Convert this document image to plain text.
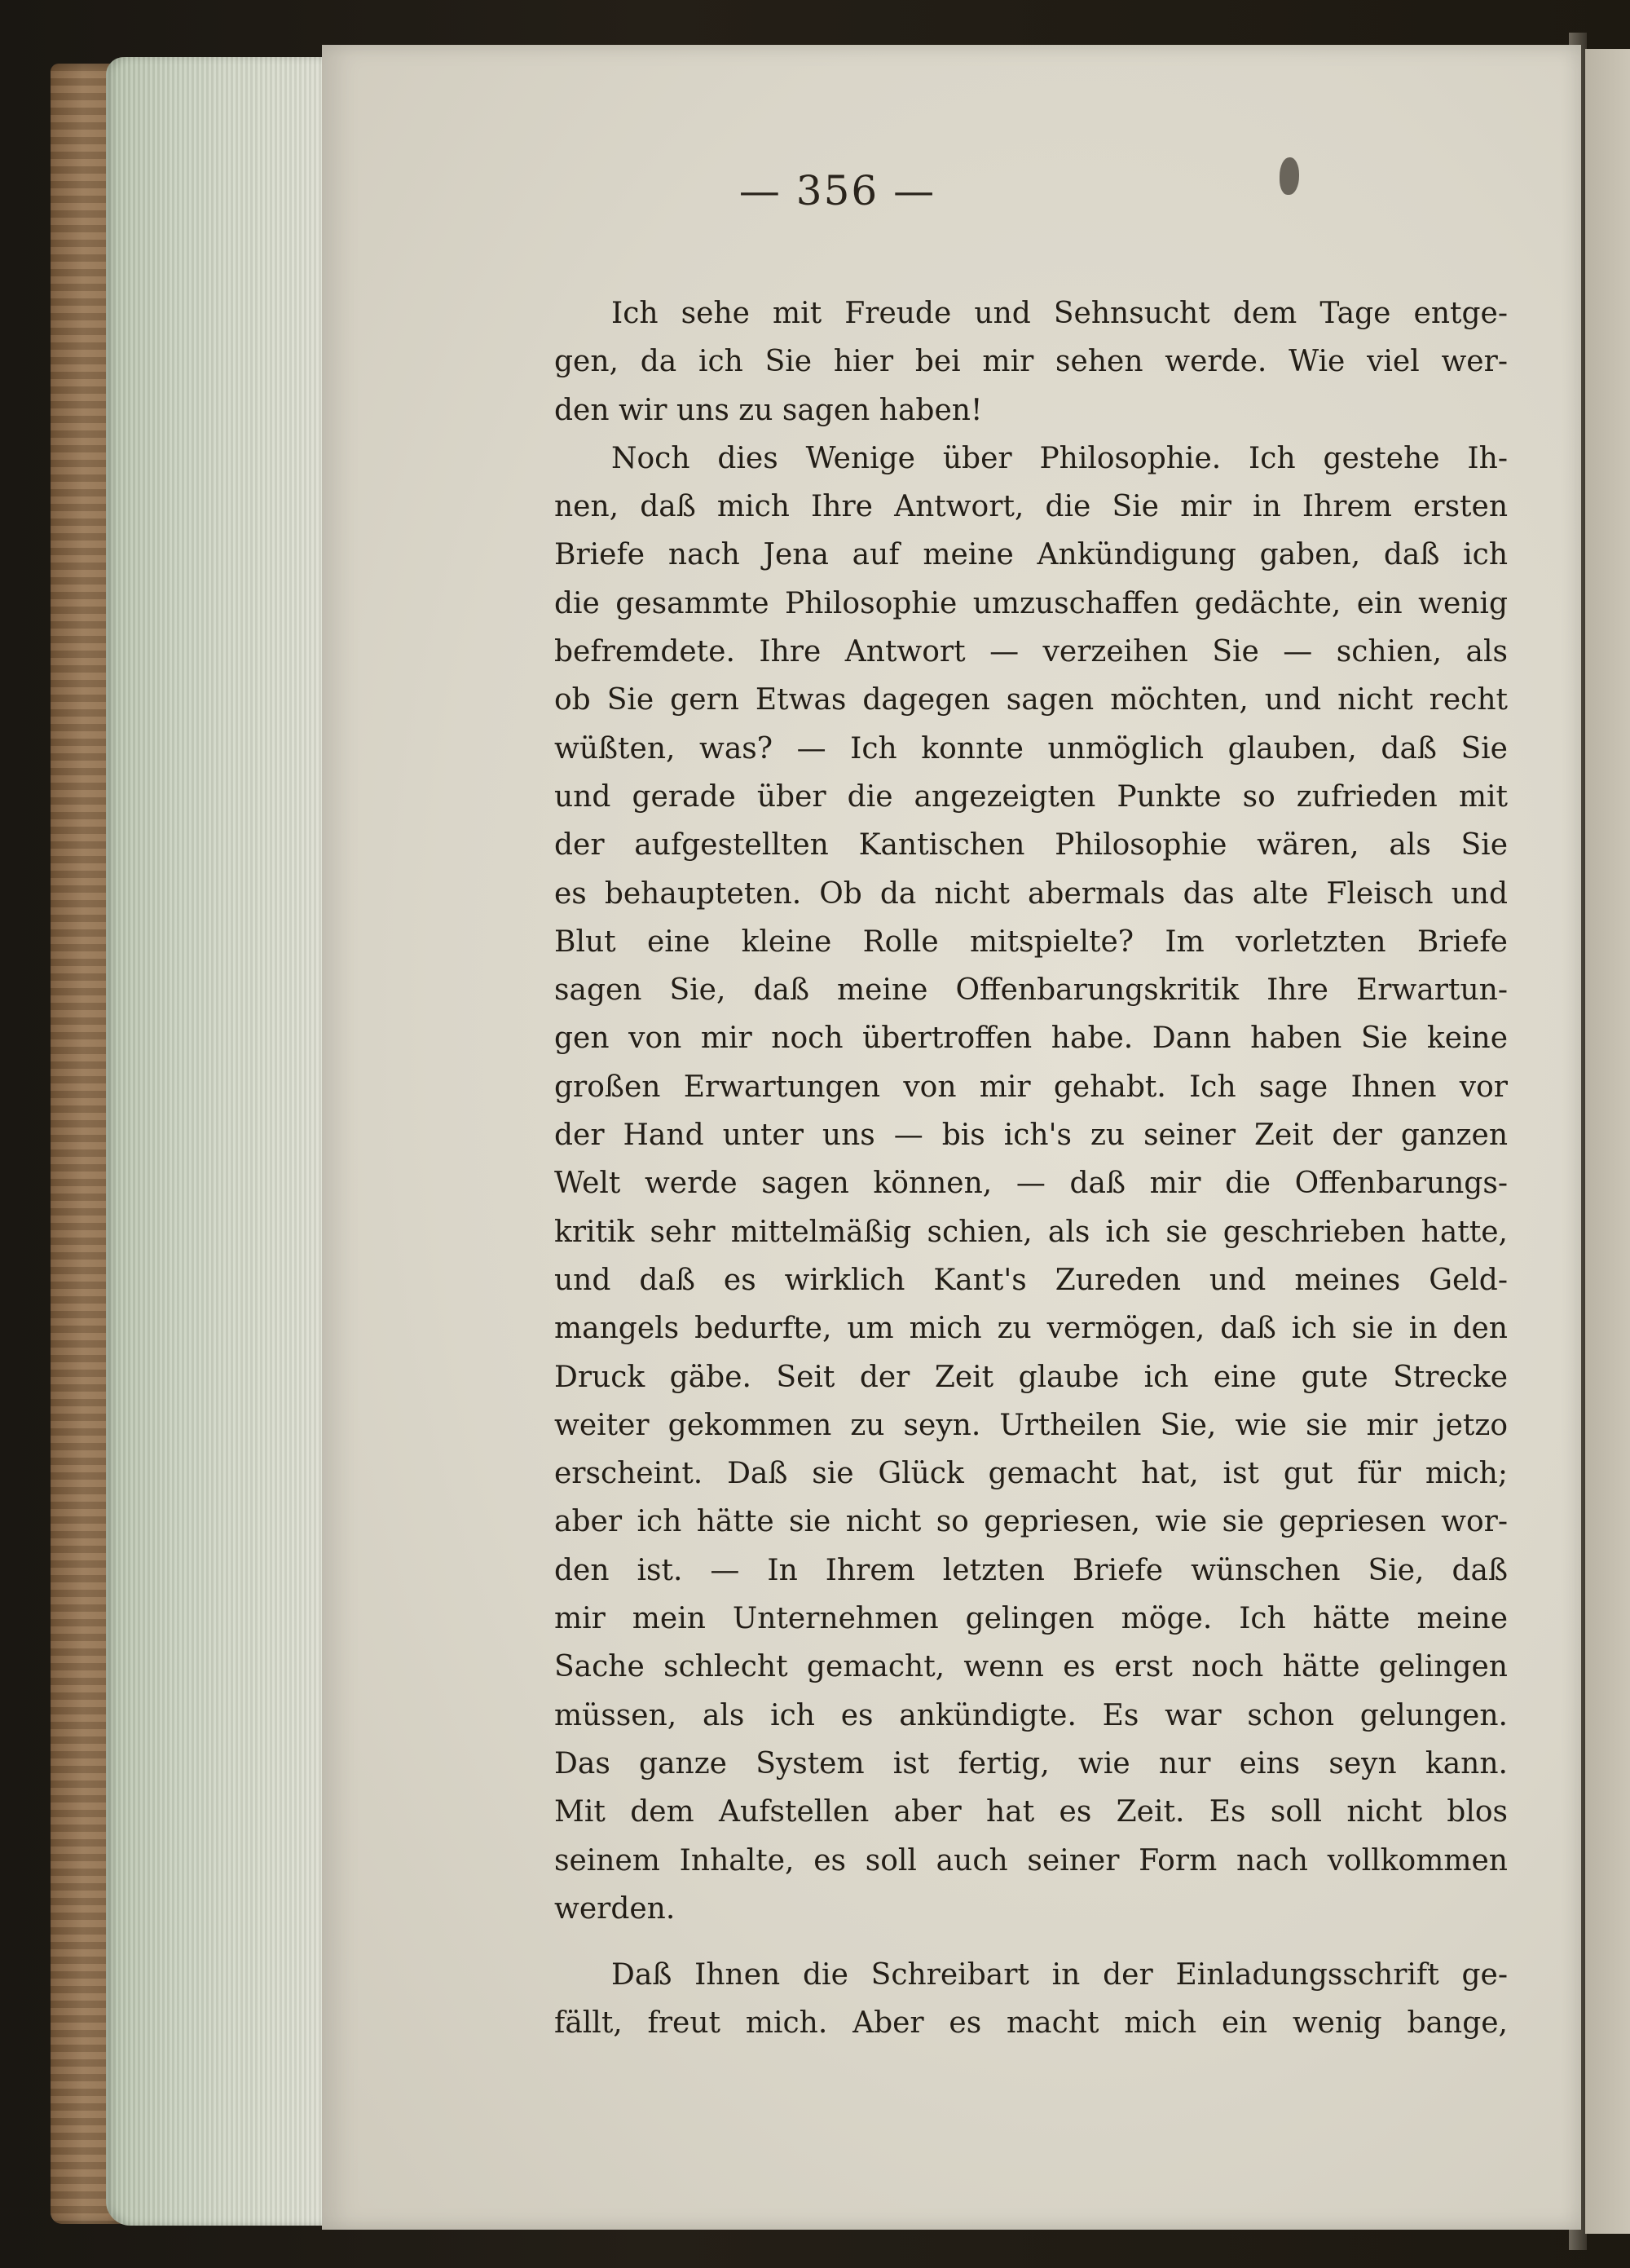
— 356 —
Ich sehe mit Freude und Sehnsucht dem Tage entge-
gen, da ich Sie hier bei mir sehen werde. Wie viel wer-
den wir uns zu sagen haben!
Noch dies Wenige über Philosophie. Ich gestehe Ih-
nen, daß mich Ihre Antwort, die Sie mir in Ihrem ersten
Briefe nach Jena auf meine Ankündigung gaben, daß ich
die gesammte Philosophie umzuschaffen gedächte, ein wenig
befremdete. Ihre Antwort — verzeihen Sie — schien, als
ob Sie gern Etwas dagegen sagen möchten, und nicht recht
wüßten, was? — Ich konnte unmöglich glauben, daß Sie
und gerade über die angezeigten Punkte so zufrieden mit
der aufgestellten Kantischen Philosophie wären, als Sie
es behaupteten. Ob da nicht abermals das alte Fleisch und
Blut eine kleine Rolle mitspielte? Im vorletzten Briefe
sagen Sie, daß meine Offenbarungskritik Ihre Erwartun-
gen von mir noch übertroffen habe. Dann haben Sie keine
großen Erwartungen von mir gehabt. Ich sage Ihnen vor
der Hand unter uns — bis ich's zu seiner Zeit der ganzen
Welt werde sagen können, — daß mir die Offenbarungs-
kritik sehr mittelmäßig schien, als ich sie geschrieben hatte,
und daß es wirklich Kant's Zureden und meines Geld-
mangels bedurfte, um mich zu vermögen, daß ich sie in den
Druck gäbe. Seit der Zeit glaube ich eine gute Strecke
weiter gekommen zu seyn. Urtheilen Sie, wie sie mir jetzo
erscheint. Daß sie Glück gemacht hat, ist gut für mich;
aber ich hätte sie nicht so gepriesen, wie sie gepriesen wor-
den ist. — In Ihrem letzten Briefe wünschen Sie, daß
mir mein Unternehmen gelingen möge. Ich hätte meine
Sache schlecht gemacht, wenn es erst noch hätte gelingen
müssen, als ich es ankündigte. Es war schon gelungen.
Das ganze System ist fertig, wie nur eins seyn kann.
Mit dem Aufstellen aber hat es Zeit. Es soll nicht blos
seinem Inhalte, es soll auch seiner Form nach vollkommen
werden.
Daß Ihnen die Schreibart in der Einladungsschrift ge-
fällt, freut mich. Aber es macht mich ein wenig bange,
